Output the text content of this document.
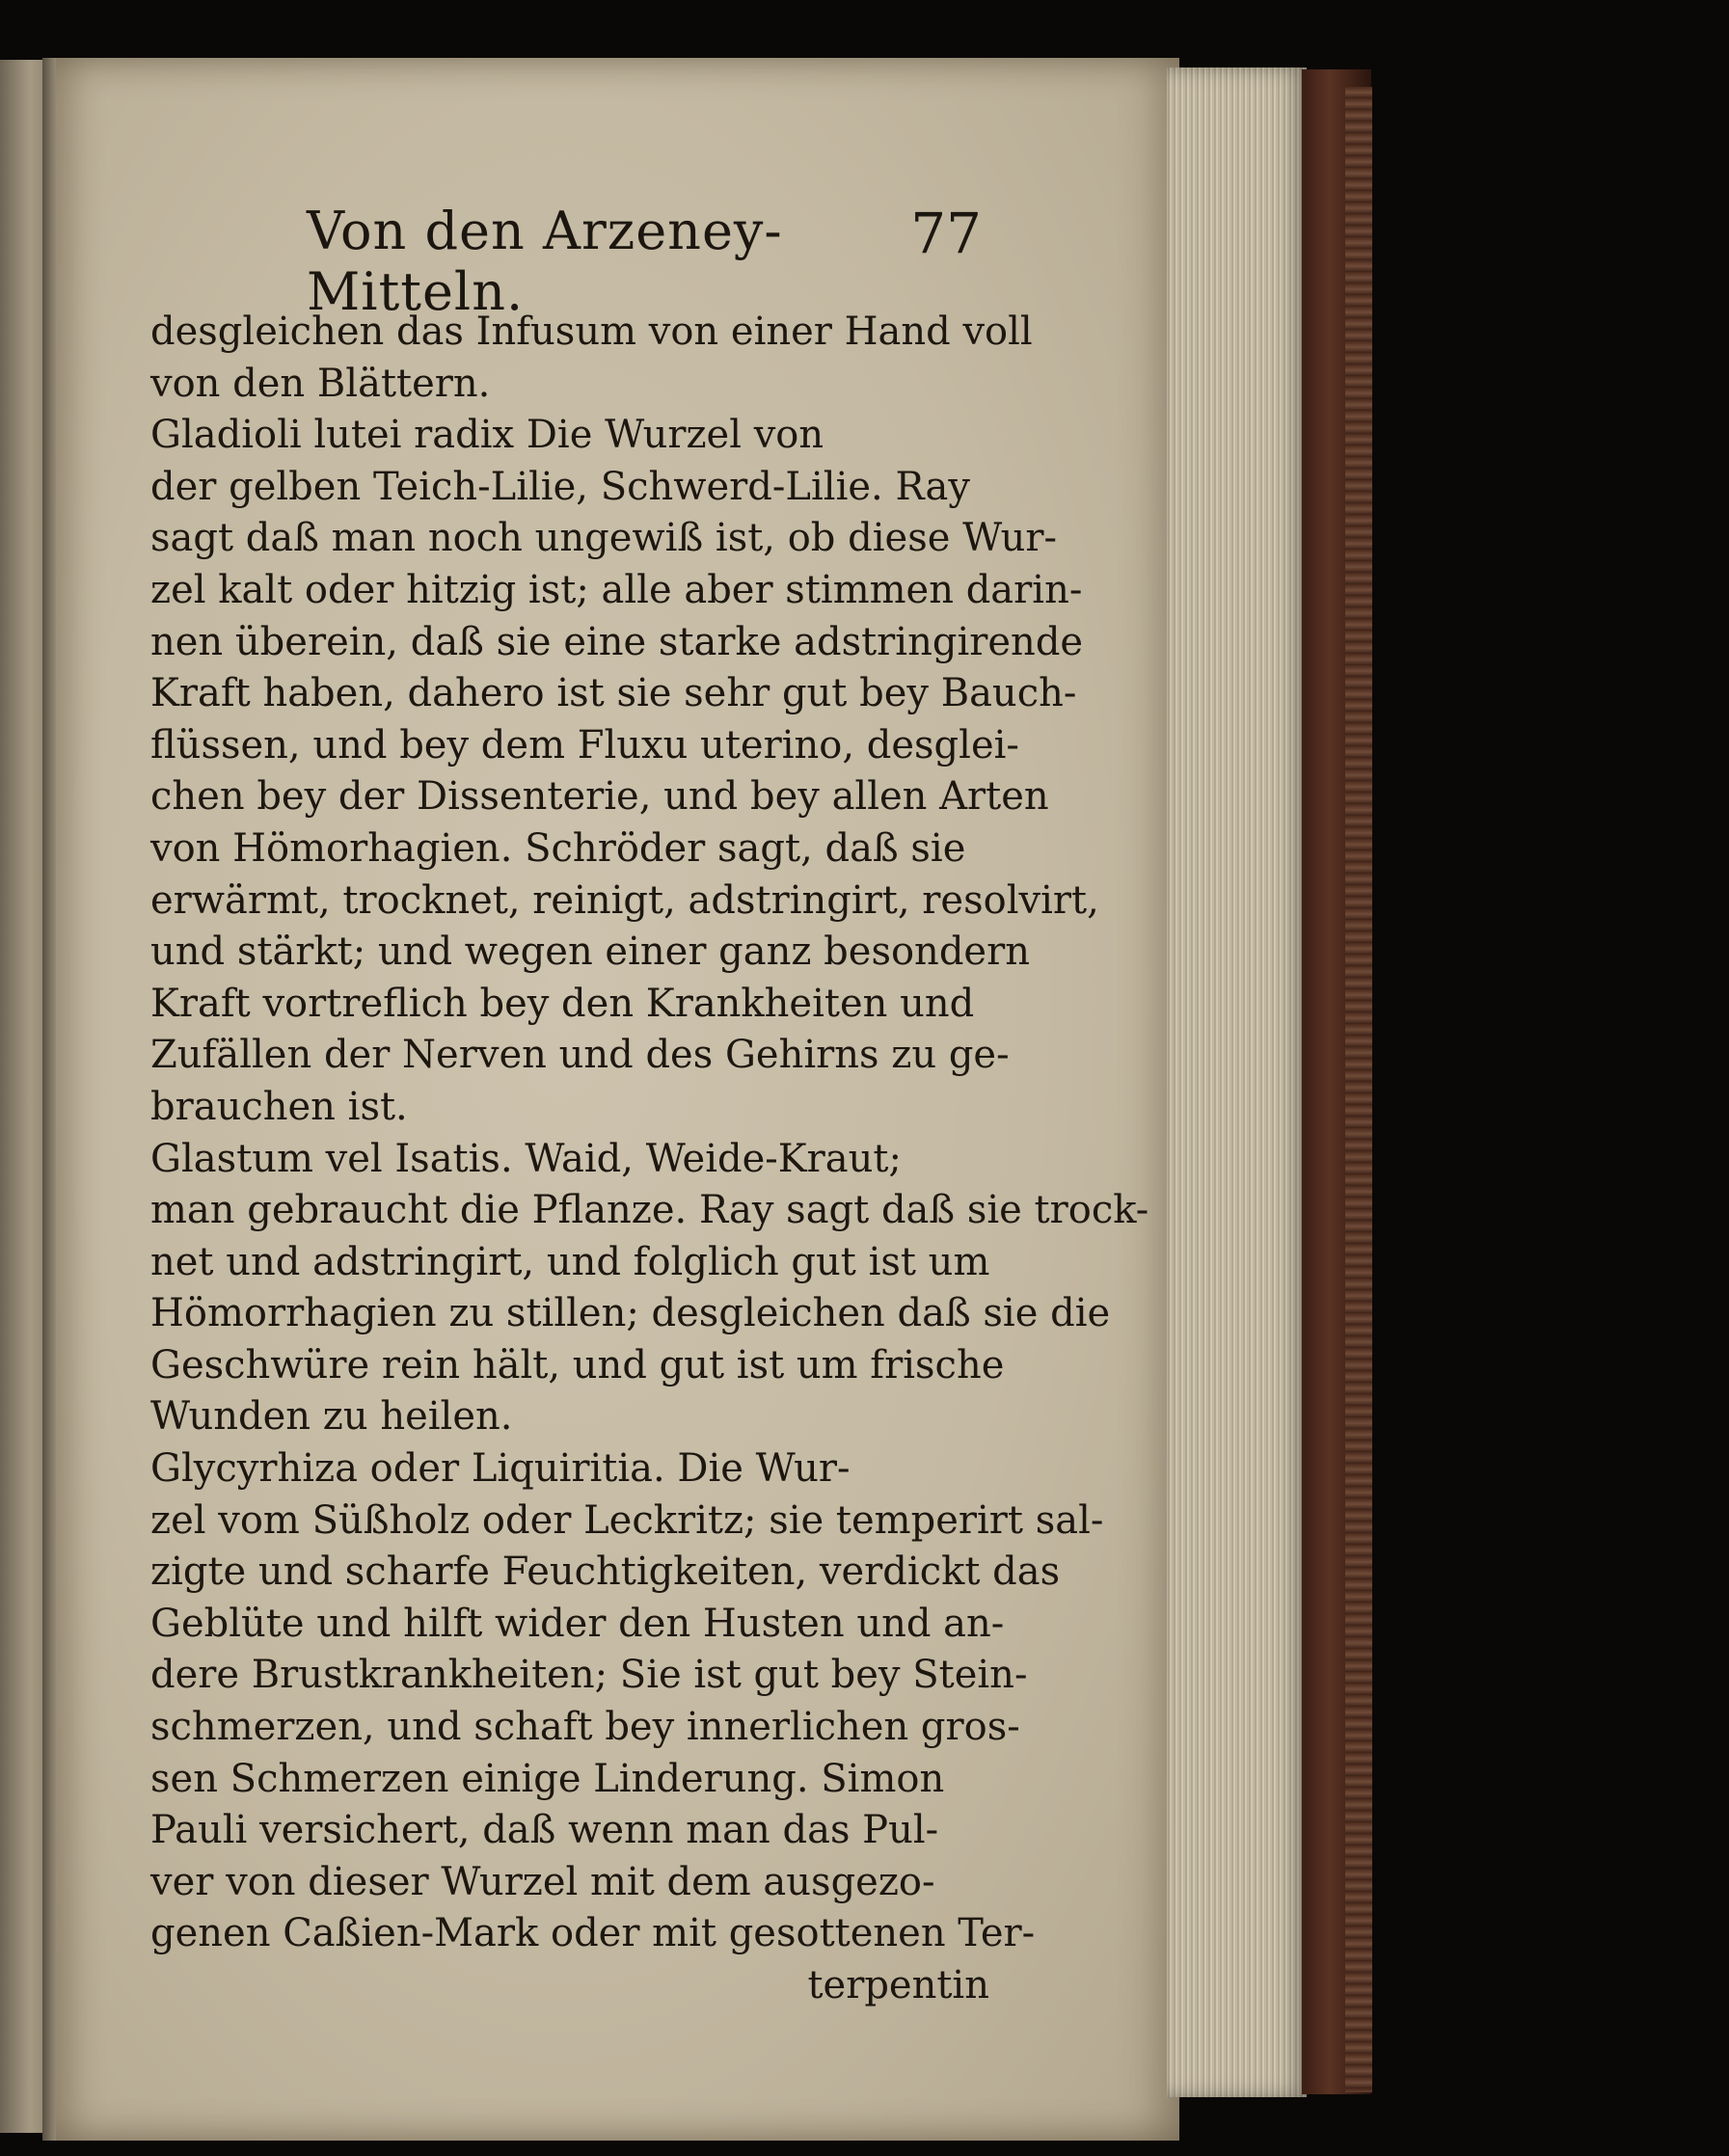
Von den Arzeney-Mitteln.
77
desgleichen das Infusum von einer Hand voll
von den Blättern.
Gladioli lutei radix Die Wurzel von
der gelben Teich-Lilie, Schwerd-Lilie. Ray
sagt daß man noch ungewiß ist, ob diese Wur-
zel kalt oder hitzig ist; alle aber stimmen darin-
nen überein, daß sie eine starke adstringirende
Kraft haben, dahero ist sie sehr gut bey Bauch-
flüssen, und bey dem Fluxu uterino, desglei-
chen bey der Dissenterie, und bey allen Arten
von Hömorhagien. Schröder sagt, daß sie
erwärmt, trocknet, reinigt, adstringirt, resolvirt,
und stärkt; und wegen einer ganz besondern
Kraft vortreflich bey den Krankheiten und
Zufällen der Nerven und des Gehirns zu ge-
brauchen ist.
Glastum vel Isatis. Waid, Weide-Kraut;
man gebraucht die Pflanze. Ray sagt daß sie trock-
net und adstringirt, und folglich gut ist um
Hömorrhagien zu stillen; desgleichen daß sie die
Geschwüre rein hält, und gut ist um frische
Wunden zu heilen.
Glycyrhiza oder Liquiritia. Die Wur-
zel vom Süßholz oder Leckritz; sie temperirt sal-
zigte und scharfe Feuchtigkeiten, verdickt das
Geblüte und hilft wider den Husten und an-
dere Brustkrankheiten; Sie ist gut bey Stein-
schmerzen, und schaft bey innerlichen gros-
sen Schmerzen einige Linderung. Simon
Pauli versichert, daß wenn man das Pul-
ver von dieser Wurzel mit dem ausgezo-
genen Caßien-Mark oder mit gesottenen Ter-
terpentin
